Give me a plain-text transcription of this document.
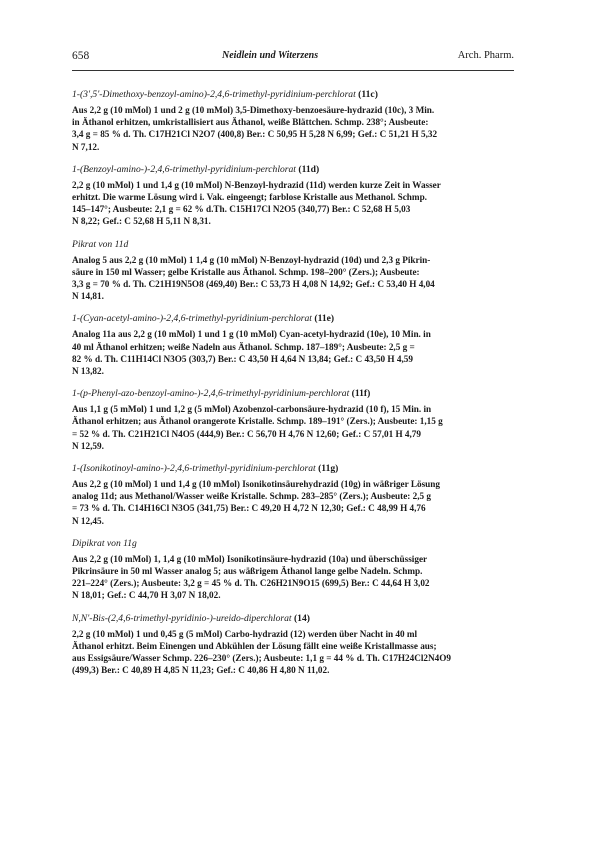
658	Neidlein und Witerzens	Arch. Pharm.

1-(3',5'-Dimethoxy-benzoyl-amino)-2,4,6-trimethyl-pyridinium-perchlorat (11c)

Aus 2,2 g (10 mMol) 1 und 2 g (10 mMol) 3,5-Dimethoxy-benzoesäure-hydrazid (10c), 3 Min.
in Äthanol erhitzen, umkristallisiert aus Äthanol, weiße Blättchen. Schmp. 238°; Ausbeute:
3,4 g = 85 % d. Th. C17H21Cl N2O7 (400,8) Ber.: C 50,95 H 5,28 N 6,99; Gef.: C 51,21 H 5,32
N 7,12.

1-(Benzoyl-amino-)-2,4,6-trimethyl-pyridinium-perchlorat (11d)

2,2 g (10 mMol) 1 und 1,4 g (10 mMol) N-Benzoyl-hydrazid (11d) werden kurze Zeit in Wasser
erhitzt. Die warme Lösung wird i. Vak. eingeengt; farblose Kristalle aus Methanol. Schmp.
145–147°; Ausbeute: 2,1 g = 62 % d.Th. C15H17Cl N2O5 (340,77) Ber.: C 52,68 H 5,03
N 8,22; Gef.: C 52,68 H 5,11 N 8,31.

Pikrat von 11d

Analog 5 aus 2,2 g (10 mMol) 1 1,4 g (10 mMol) N-Benzoyl-hydrazid (10d) und 2,3 g Pikrin-
säure in 150 ml Wasser; gelbe Kristalle aus Äthanol. Schmp. 198–200° (Zers.); Ausbeute:
3,3 g = 70 % d. Th. C21H19N5O8 (469,40) Ber.: C 53,73 H 4,08 N 14,92; Gef.: C 53,40 H 4,04
N 14,81.

1-(Cyan-acetyl-amino-)-2,4,6-trimethyl-pyridinium-perchlorat (11e)

Analog 11a aus 2,2 g (10 mMol) 1 und 1 g (10 mMol) Cyan-acetyl-hydrazid (10e), 10 Min. in
40 ml Äthanol erhitzen; weiße Nadeln aus Äthanol. Schmp. 187–189°; Ausbeute: 2,5 g =
82 % d. Th. C11H14Cl N3O5 (303,7) Ber.: C 43,50 H 4,64 N 13,84; Gef.: C 43,50 H 4,59
N 13,82.

1-(p-Phenyl-azo-benzoyl-amino-)-2,4,6-trimethyl-pyridinium-perchlorat (11f)

Aus 1,1 g (5 mMol) 1 und 1,2 g (5 mMol) Azobenzol-carbonsäure-hydrazid (10 f), 15 Min. in
Äthanol erhitzen; aus Äthanol orangerote Kristalle. Schmp. 189–191° (Zers.); Ausbeute: 1,15 g
= 52 % d. Th. C21H21Cl N4O5 (444,9) Ber.: C 56,70 H 4,76 N 12,60; Gef.: C 57,01 H 4,79
N 12,59.

1-(Isonikotinoyl-amino-)-2,4,6-trimethyl-pyridinium-perchlorat (11g)

Aus 2,2 g (10 mMol) 1 und 1,4 g (10 mMol) Isonikotinsäurehydrazid (10g) in wäßriger Lösung
analog 11d; aus Methanol/Wasser weiße Kristalle. Schmp. 283–285° (Zers.); Ausbeute: 2,5 g
= 73 % d. Th. C14H16Cl N3O5 (341,75) Ber.: C 49,20 H 4,72 N 12,30; Gef.: C 48,99 H 4,76
N 12,45.

Dipikrat von 11g

Aus 2,2 g (10 mMol) 1, 1,4 g (10 mMol) Isonikotinsäure-hydrazid (10a) und überschüssiger
Pikrinsäure in 50 ml Wasser analog 5; aus wäßrigem Äthanol lange gelbe Nadeln. Schmp.
221–224° (Zers.); Ausbeute: 3,2 g = 45 % d. Th. C26H21N9O15 (699,5) Ber.: C 44,64 H 3,02
N 18,01; Gef.: C 44,70 H 3,07 N 18,02.

N,N'-Bis-(2,4,6-trimethyl-pyridinio-)-ureido-diperchlorat (14)

2,2 g (10 mMol) 1 und 0,45 g (5 mMol) Carbo-hydrazid (12) werden über Nacht in 40 ml
Äthanol erhitzt. Beim Einengen und Abkühlen der Lösung fällt eine weiße Kristallmasse aus;
aus Essigsäure/Wasser Schmp. 226–230° (Zers.); Ausbeute: 1,1 g = 44 % d. Th. C17H24Cl2N4O9
(499,3) Ber.: C 40,89 H 4,85 N 11,23; Gef.: C 40,86 H 4,80 N 11,02.
